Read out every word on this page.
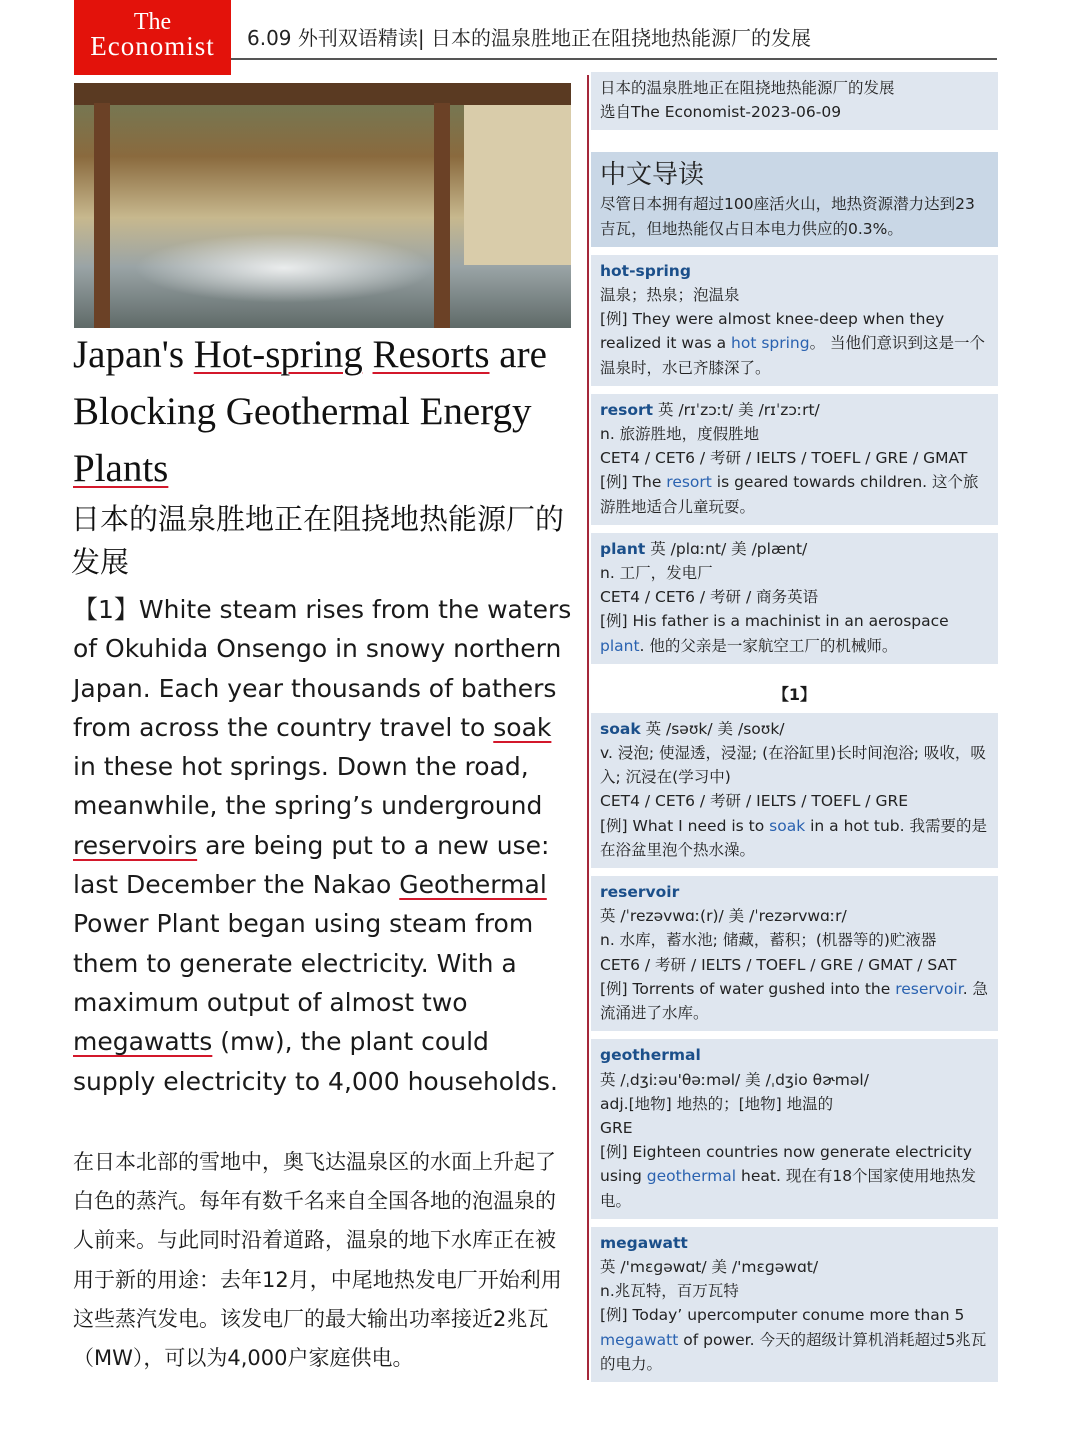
The
Economist	6.09 外刊双语精读| 日本的温泉胜地正在阻挠地热能源厂的发展
Japan's Hot-spring Resorts are Blocking Geothermal Energy Plants
日本的温泉胜地正在阻挠地热能源厂的发展
【1】White steam rises from the waters of Okuhida Onsengo in snowy northern Japan. Each year thousands of bathers from across the country travel to soak in these hot springs. Down the road, meanwhile, the spring’s underground reservoirs are being put to a new use: last December the Nakao Geothermal Power Plant began using steam from them to generate electricity. With a maximum output of almost two megawatts (mw), the plant could supply electricity to 4,000 households.
在日本北部的雪地中，奥飞达温泉区的水面上升起了白色的蒸汽。每年有数千名来自全国各地的泡温泉的人前来。与此同时沿着道路，温泉的地下水库正在被用于新的用途：去年12月，中尾地热发电厂开始利用这些蒸汽发电。该发电厂的最大输出功率接近2兆瓦（MW），可以为4,000户家庭供电。
日本的温泉胜地正在阻挠地热能源厂的发展
选自The Economist-2023-06-09
中文导读
尽管日本拥有超过100座活火山，地热资源潜力达到23吉瓦，但地热能仅占日本电力供应的0.3%。
hot-spring
温泉；热泉；泡温泉
[例] They were almost knee-deep when they realized it was a hot spring。 当他们意识到这是一个温泉时，水已齐膝深了。
resort 英 /rɪˈzɔːt/ 美 /rɪˈzɔːrt/
n. 旅游胜地，度假胜地
CET4 / CET6 / 考研 / IELTS / TOEFL / GRE / GMAT
[例] The resort is geared towards children. 这个旅游胜地适合儿童玩耍。
plant 英 /plɑːnt/ 美 /plænt/
n. 工厂，发电厂
CET4 / CET6 / 考研 / 商务英语
[例] His father is a machinist in an aerospace plant. 他的父亲是一家航空工厂的机械师。
【1】
soak 英 /səʊk/ 美 /soʊk/
v. 浸泡; 使湿透，浸湿; (在浴缸里)长时间泡浴; 吸收，吸入; 沉浸在(学习中)
CET4 / CET6 / 考研 / IELTS / TOEFL / GRE
[例] What I need is to soak in a hot tub. 我需要的是在浴盆里泡个热水澡。
reservoir
英 /ˈrezəvwɑː(r)/ 美 /ˈrezərvwɑːr/
n. 水库，蓄水池; 储藏，蓄积；(机器等的)贮液器
CET6 / 考研 / IELTS / TOEFL / GRE / GMAT / SAT
[例] Torrents of water gushed into the reservoir. 急流涌进了水库。
geothermal
英 /ˌdʒiːəu'θəːməl/ 美 /ˌdʒio θɚməl/
adj.[地物] 地热的；[地物] 地温的
GRE
[例] Eighteen countries now generate electricity using geothermal heat. 现在有18个国家使用地热发电。
megawatt
英 /'mɛɡəwɑt/ 美 /'mɛɡəwɑt/
n.兆瓦特，百万瓦特
[例] Today’ upercomputer conume more than 5 megawatt of power. 今天的超级计算机消耗超过5兆瓦的电力。
